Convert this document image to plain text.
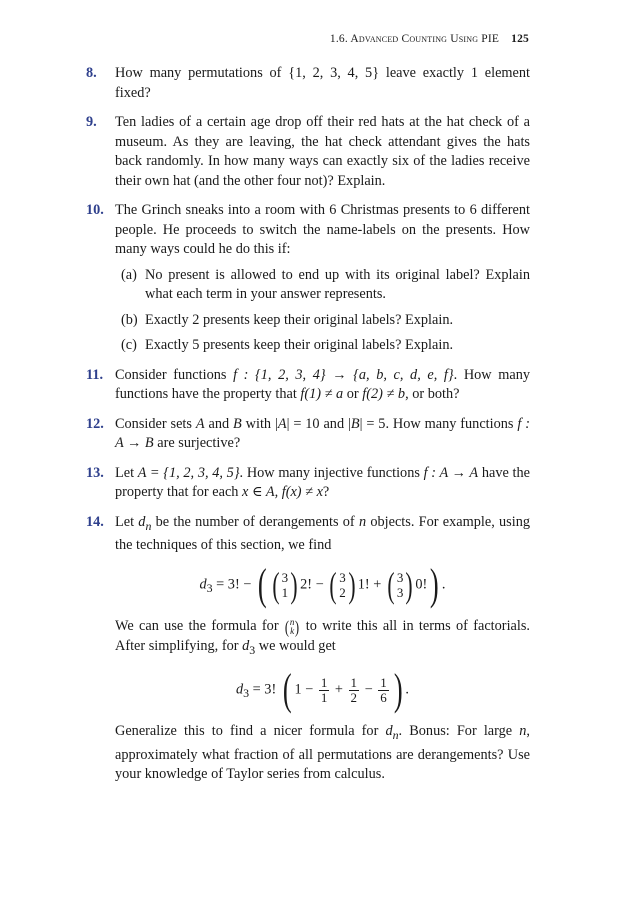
1.6. Advanced Counting Using PIE 125
8. How many permutations of {1, 2, 3, 4, 5} leave exactly 1 element fixed?

9. Ten ladies of a certain age drop off their red hats at the hat check of a museum. As they are leaving, the hat check attendant gives the hats back randomly. In how many ways can exactly six of the ladies receive their own hat (and the other four not)? Explain.

10. The Grinch sneaks into a room with 6 Christmas presents to 6 different people. He proceeds to switch the name-labels on the presents. How many ways could he do this if:

(a) No present is allowed to end up with its original label? Explain what each term in your answer represents.

(b) Exactly 2 presents keep their original labels? Explain.

(c) Exactly 5 presents keep their original labels? Explain.

11. Consider functions f : {1, 2, 3, 4} → {a, b, c, d, e, f}. How many functions have the property that f(1) ≠ a or f(2) ≠ b, or both?

12. Consider sets A and B with |A| = 10 and |B| = 5. How many functions f : A → B are surjective?

13. Let A = {1, 2, 3, 4, 5}. How many injective functions f : A → A have the property that for each x ∈ A, f(x) ≠ x?

14. Let $d_n$ be the number of derangements of n objects. For example, using the techniques of this section, we find

$d_3 = 3$! − ( ( 3
1) 2! − ( 3
2) 1! + ( 3
3) 0!) .

We can use the formula for (n
k) to write this all in terms of factorials. After simplifying, for $d_3$ we would get

$d_3 = 3$! ( $1 - \frac{1}{1} + \frac{1}{2} - \frac{1}{6}$ ) .

Generalize this to find a nicer formula for $d_n$. Bonus: For large n, approximately what fraction of all permutations are derangements? Use your knowledge of Taylor series from calculus.
